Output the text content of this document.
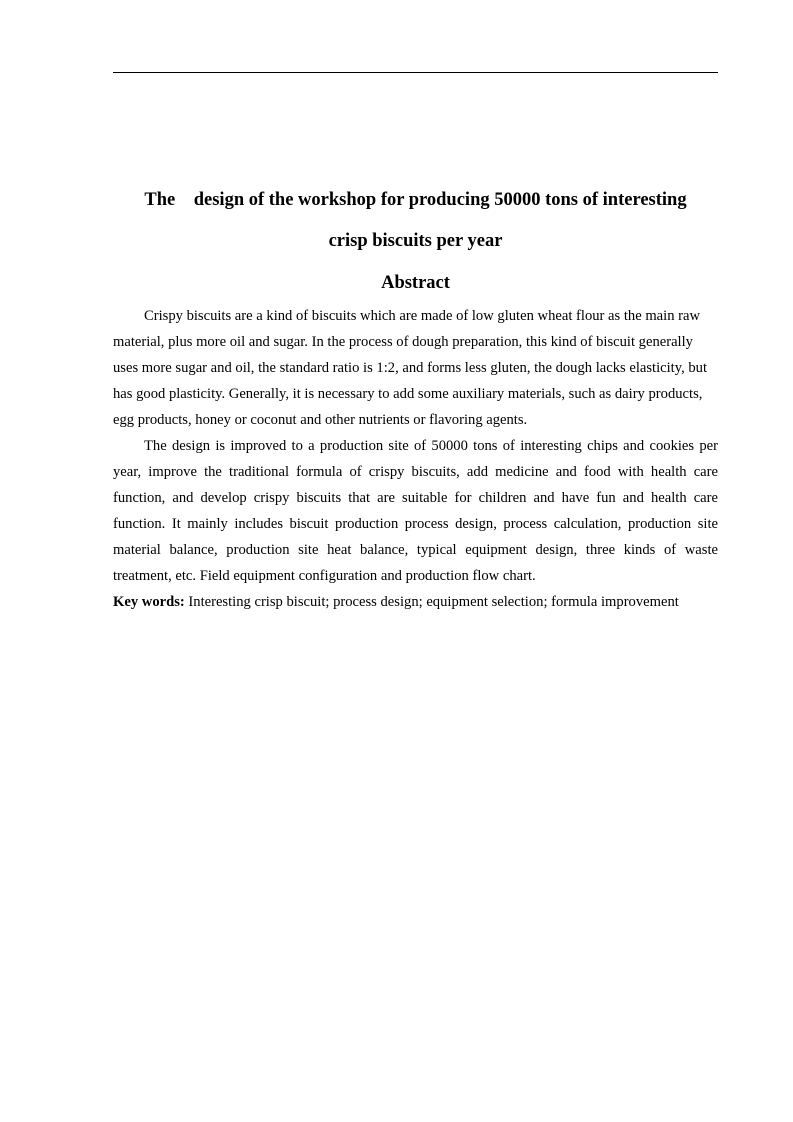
The    design of the workshop for producing 50000 tons of interesting
crisp biscuits per year
Abstract

Crispy biscuits are a kind of biscuits which are made of low gluten wheat flour as the main raw material, plus more oil and sugar. In the process of dough preparation, this kind of biscuit generally uses more sugar and oil, the standard ratio is 1:2, and forms less gluten, the dough lacks elasticity, but has good plasticity. Generally, it is necessary to add some auxiliary materials, such as dairy products, egg products, honey or coconut and other nutrients or flavoring agents.

The design is improved to a production site of 50000 tons of interesting chips and cookies per year, improve the traditional formula of crispy biscuits, add medicine and food with health care function, and develop crispy biscuits that are suitable for children and have fun and health care function. It mainly includes biscuit production process design, process calculation, production site material balance, production site heat balance, typical equipment design, three kinds of waste treatment, etc. Field equipment configuration and production flow chart.

Key words: Interesting crisp biscuit; process design; equipment selection; formula improvement
